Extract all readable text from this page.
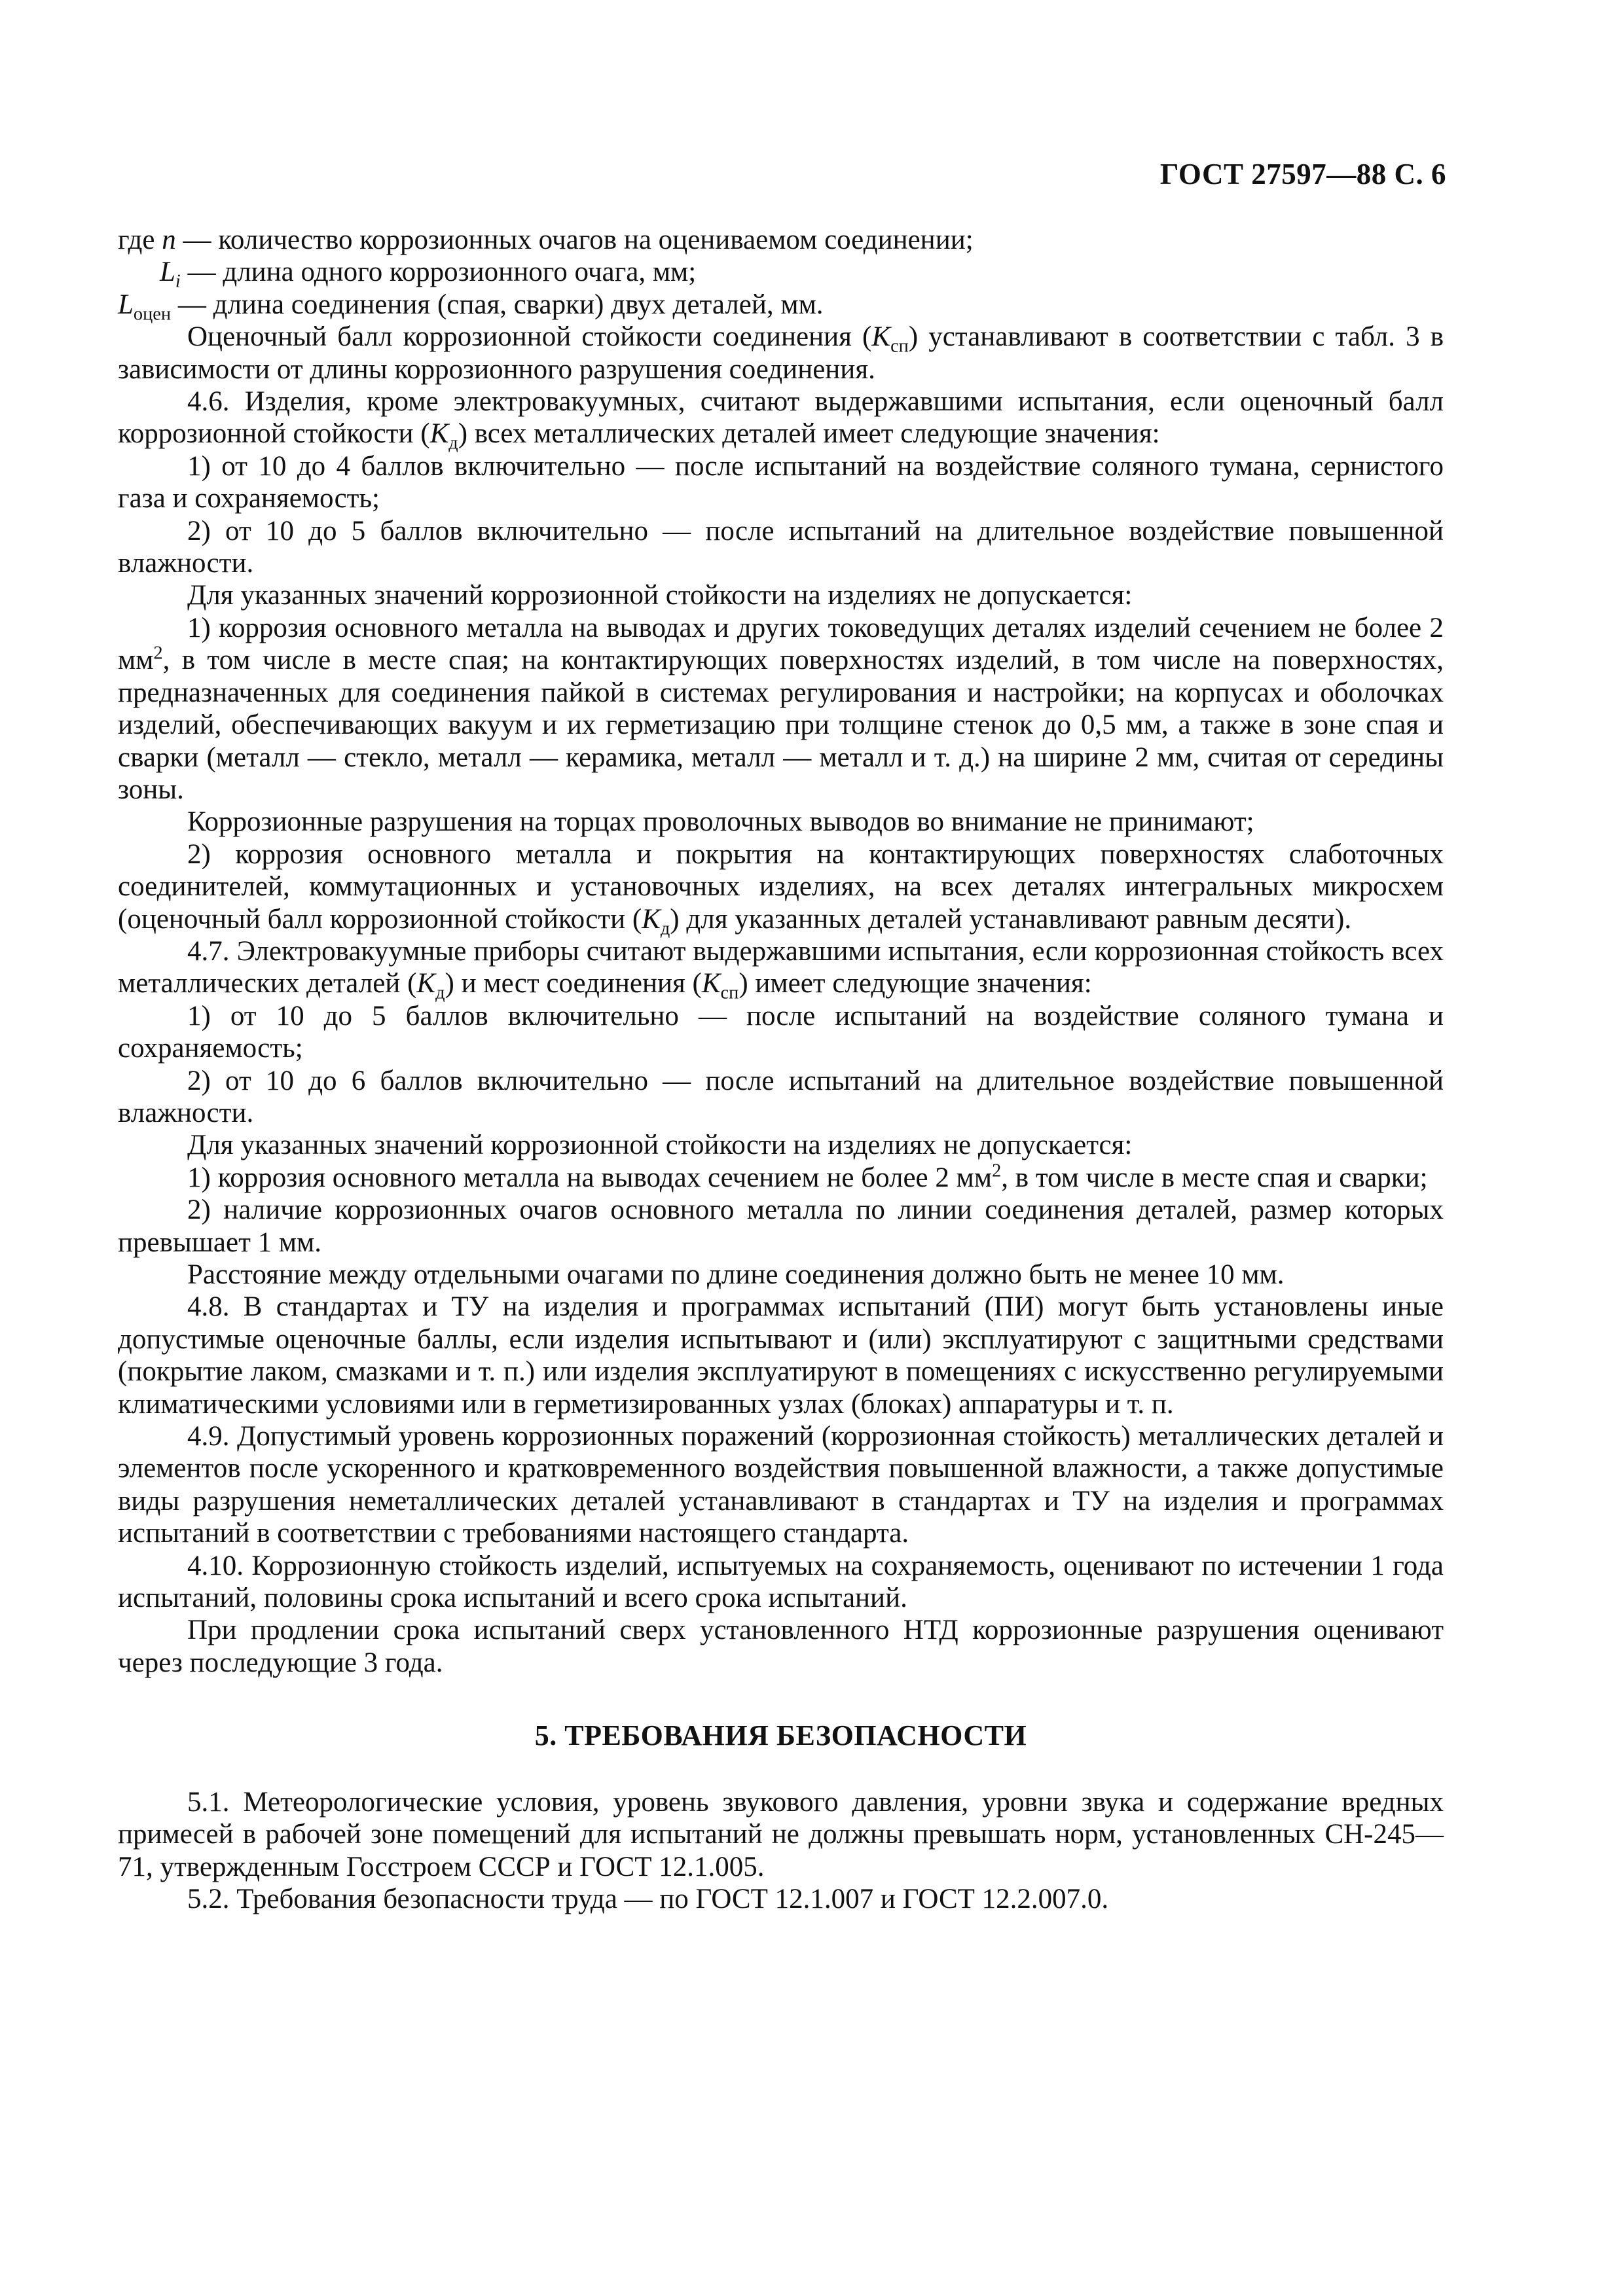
ГОСТ 27597—88 С. 6

где n — количество коррозионных очагов на оцениваемом соединении;

$L_i$ — длина одного коррозионного очага, мм;

$L_{оцен}$ — длина соединения (спая, сварки) двух деталей, мм.

Оценочный балл коррозионной стойкости соединения $(K_{сп})$ устанавливают в соответствии с табл. 3 в зависимости от длины коррозионного разрушения соединения.

4.6. Изделия, кроме электровакуумных, считают выдержавшими испытания, если оценочный балл коррозионной стойкости $(K_д)$ всех металлических деталей имеет следующие значения:

1) от 10 до 4 баллов включительно — после испытаний на воздействие соляного тумана, сернистого газа и сохраняемость;

2) от 10 до 5 баллов включительно — после испытаний на длительное воздействие повышенной влажности.

Для указанных значений коррозионной стойкости на изделиях не допускается:

1) коррозия основного металла на выводах и других токоведущих деталях изделий сечением не более 2 $мм^2$, в том числе в месте спая; на контактирующих поверхностях изделий, в том числе на поверхностях, предназначенных для соединения пайкой в системах регулирования и настройки; на корпусах и оболочках изделий, обеспечивающих вакуум и их герметизацию при толщине стенок до 0,5 мм, а также в зоне спая и сварки (металл — стекло, металл — керамика, металл — металл и т. д.) на ширине 2 мм, считая от середины зоны.

Коррозионные разрушения на торцах проволочных выводов во внимание не принимают;

2) коррозия основного металла и покрытия на контактирующих поверхностях слаботочных соединителей, коммутационных и установочных изделиях, на всех деталях интегральных микросхем (оценочный балл коррозионной стойкости $(K_д)$ для указанных деталей устанавливают равным десяти).

4.7. Электровакуумные приборы считают выдержавшими испытания, если коррозионная стойкость всех металлических деталей $(K_д)$ и мест соединения $(K_{сп})$ имеет следующие значения:

1) от 10 до 5 баллов включительно — после испытаний на воздействие соляного тумана и сохраняемость;

2) от 10 до 6 баллов включительно — после испытаний на длительное воздействие повышенной влажности.

Для указанных значений коррозионной стойкости на изделиях не допускается:

1) коррозия основного металла на выводах сечением не более 2 $мм^2$, в том числе в месте спая и сварки;

2) наличие коррозионных очагов основного металла по линии соединения деталей, размер которых превышает 1 мм.

Расстояние между отдельными очагами по длине соединения должно быть не менее 10 мм.

4.8. В стандартах и ТУ на изделия и программах испытаний (ПИ) могут быть установлены иные допустимые оценочные баллы, если изделия испытывают и (или) эксплуатируют с защитными средствами (покрытие лаком, смазками и т. п.) или изделия эксплуатируют в помещениях с искусственно регулируемыми климатическими условиями или в герметизированных узлах (блоках) аппаратуры и т. п.

4.9. Допустимый уровень коррозионных поражений (коррозионная стойкость) металлических деталей и элементов после ускоренного и кратковременного воздействия повышенной влажности, а также допустимые виды разрушения неметаллических деталей устанавливают в стандартах и ТУ на изделия и программах испытаний в соответствии с требованиями настоящего стандарта.

4.10. Коррозионную стойкость изделий, испытуемых на сохраняемость, оценивают по истечении 1 года испытаний, половины срока испытаний и всего срока испытаний.

При продлении срока испытаний сверх установленного НТД коррозионные разрушения оценивают через последующие 3 года.

5. ТРЕБОВАНИЯ БЕЗОПАСНОСТИ

5.1. Метеорологические условия, уровень звукового давления, уровни звука и содержание вредных примесей в рабочей зоне помещений для испытаний не должны превышать норм, установленных СН-245—71, утвержденным Госстроем СССР и ГОСТ 12.1.005.

5.2. Требования безопасности труда — по ГОСТ 12.1.007 и ГОСТ 12.2.007.0.
